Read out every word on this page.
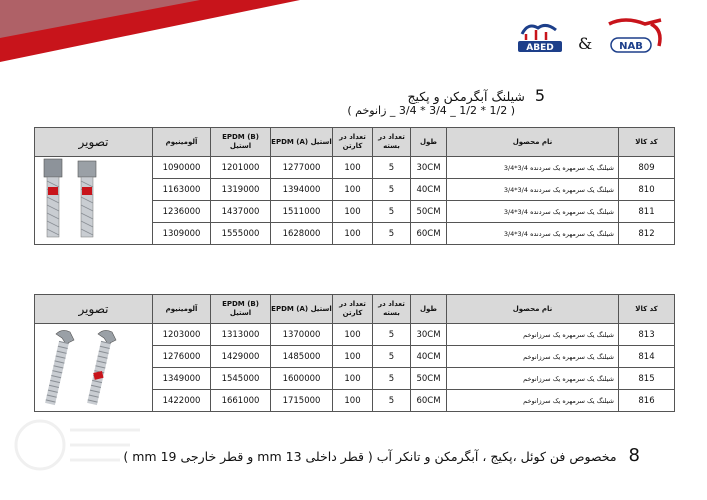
ABED &	NAB
5 شیلنگ آبگرمکن و پکیج
( 1/2 * 1/2 _ 3/4 * 3/4 _ زانوخم )
تصویر	آلومینیوم	EPDM (B) استیل	EPDM (A) استیل	تعداد در کارتن	تعداد در بسته	طول	نام محصول	کد کالا
	1090000	1201000	1277000	100	5	30CM	شیلنگ یک سرمهره یک سردنده 3/4*3/4	809
	1163000	1319000	1394000	100	5	40CM	شیلنگ یک سرمهره یک سردنده 3/4*3/4	810
	1236000	1437000	1511000	100	5	50CM	شیلنگ یک سرمهره یک سردنده 3/4*3/4	811
	1309000	1555000	1628000	100	5	60CM	شیلنگ یک سرمهره یک سردنده 3/4*3/4	812
تصویر	آلومینیوم	EPDM (B) استیل	EPDM (A) استیل	تعداد در کارتن	تعداد در بسته	طول	نام محصول	کد کالا
	1203000	1313000	1370000	100	5	30CM	شیلنگ یک سرمهره یک سرزانوخم	813
	1276000	1429000	1485000	100	5	40CM	شیلنگ یک سرمهره یک سرزانوخم	814
	1349000	1545000	1600000	100	5	50CM	شیلنگ یک سرمهره یک سرزانوخم	815
	1422000	1661000	1715000	100	5	60CM	شیلنگ یک سرمهره یک سرزانوخم	816
8 مخصوص فن کوئل ،پکیج ، آبگرمکن و تانکر آب ( قطر داخلی 13 mm و قطر خارجی 19 mm )
